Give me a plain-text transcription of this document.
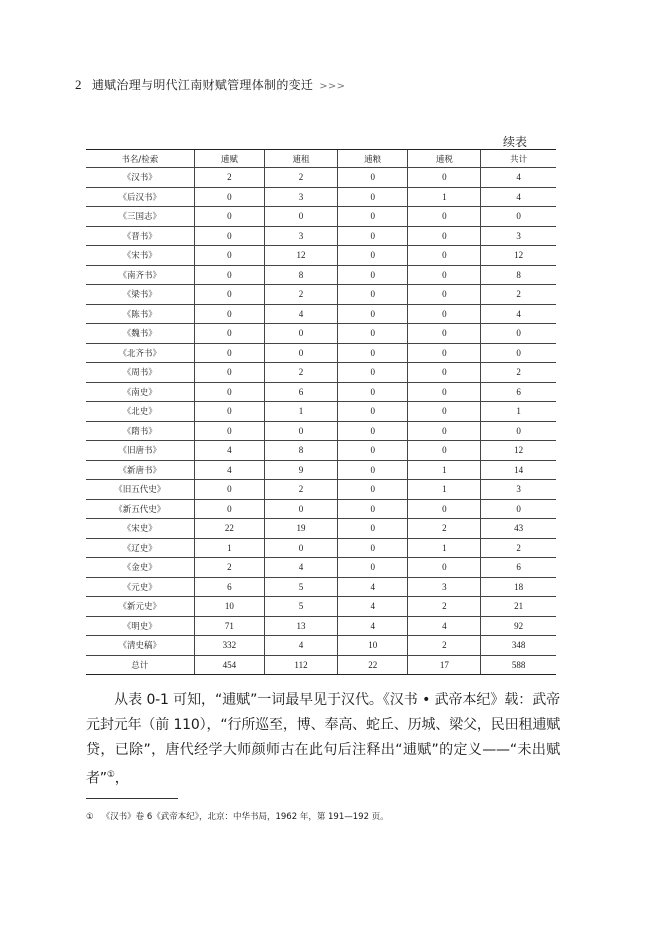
2 逋赋治理与明代江南财赋管理体制的变迁 >>>
续表
书名/检索	逋赋	逋租	逋粮	逋税	共计
《汉书》	2	2	0	0	4
《后汉书》	0	3	0	1	4
《三国志》	0	0	0	0	0
《晋书》	0	3	0	0	3
《宋书》	0	12	0	0	12
《南齐书》	0	8	0	0	8
《梁书》	0	2	0	0	2
《陈书》	0	4	0	0	4
《魏书》	0	0	0	0	0
《北齐书》	0	0	0	0	0
《周书》	0	2	0	0	2
《南史》	0	6	0	0	6
《北史》	0	1	0	0	1
《隋书》	0	0	0	0	0
《旧唐书》	4	8	0	0	12
《新唐书》	4	9	0	1	14
《旧五代史》	0	2	0	1	3
《新五代史》	0	0	0	0	0
《宋史》	22	19	0	2	43
《辽史》	1	0	0	1	2
《金史》	2	4	0	0	6
《元史》	6	5	4	3	18
《新元史》	10	5	4	2	21
《明史》	71	13	4	4	92
《清史稿》	332	4	10	2	348
总计	454	112	22	17	588
从表 0-1 可知，“逋赋”一词最早见于汉代。《汉书 • 武帝本纪》载：武帝元封元年（前 110），“行所巡至，博、奉高、蛇丘、历城、梁父，民田租逋赋贷，已除”，唐代经学大师颜师古在此句后注释出“逋赋”的定义——“未出赋者”①，
① 《汉书》卷 6《武帝本纪》，北京：中华书局，1962 年，第 191—192 页。
